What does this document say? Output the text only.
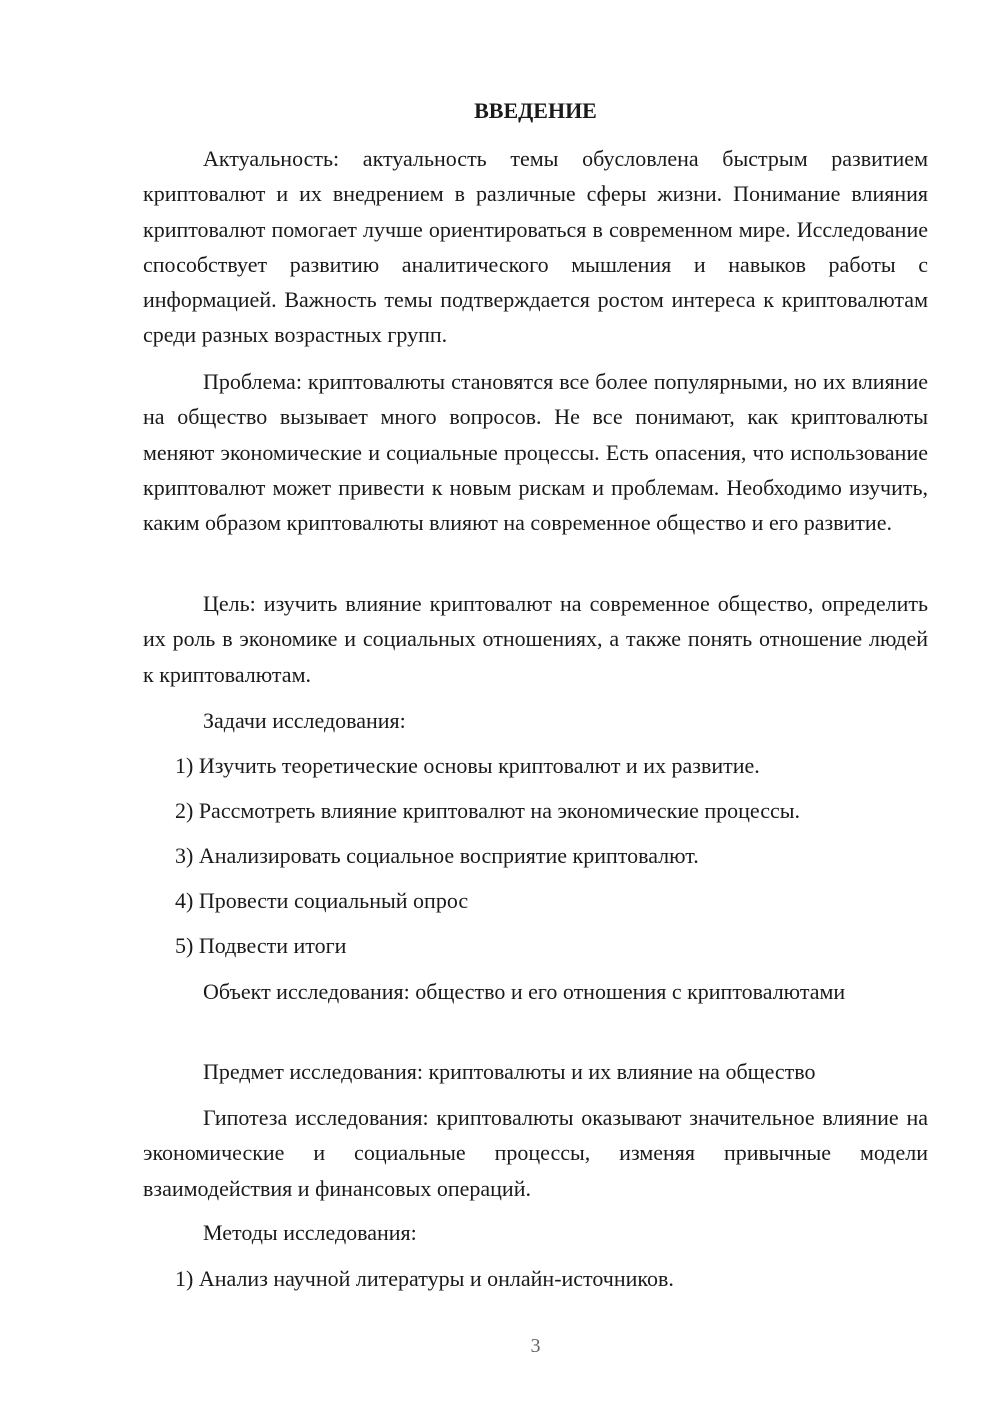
ВВЕДЕНИЕ

Актуальность: актуальность темы обусловлена быстрым развитием криптовалют и их внедрением в различные сферы жизни. Понимание влияния криптовалют помогает лучше ориентироваться в современном мире. Исследование способствует развитию аналитического мышления и навыков работы с информацией. Важность темы подтверждается ростом интереса к криптовалютам среди разных возрастных групп.

Проблема: криптовалюты становятся все более популярными, но их влияние на общество вызывает много вопросов. Не все понимают, как криптовалюты меняют экономические и социальные процессы. Есть опасения, что использование криптовалют может привести к новым рискам и проблемам. Необходимо изучить, каким образом криптовалюты влияют на современное общество и его развитие.

Цель: изучить влияние криптовалют на современное общество, определить их роль в экономике и социальных отношениях, а также понять отношение людей к криптовалютам.

Задачи исследования:

1) Изучить теоретические основы криптовалют и их развитие.

2) Рассмотреть влияние криптовалют на экономические процессы.

3) Анализировать социальное восприятие криптовалют.

4) Провести социальный опрос

5) Подвести итоги

Объект исследования: общество и его отношения с криптовалютами

Предмет исследования: криптовалюты и их влияние на общество

Гипотеза исследования: криптовалюты оказывают значительное влияние на экономические и социальные процессы, изменяя привычные модели взаимодействия и финансовых операций.

Методы исследования:

1) Анализ научной литературы и онлайн-источников.

3
